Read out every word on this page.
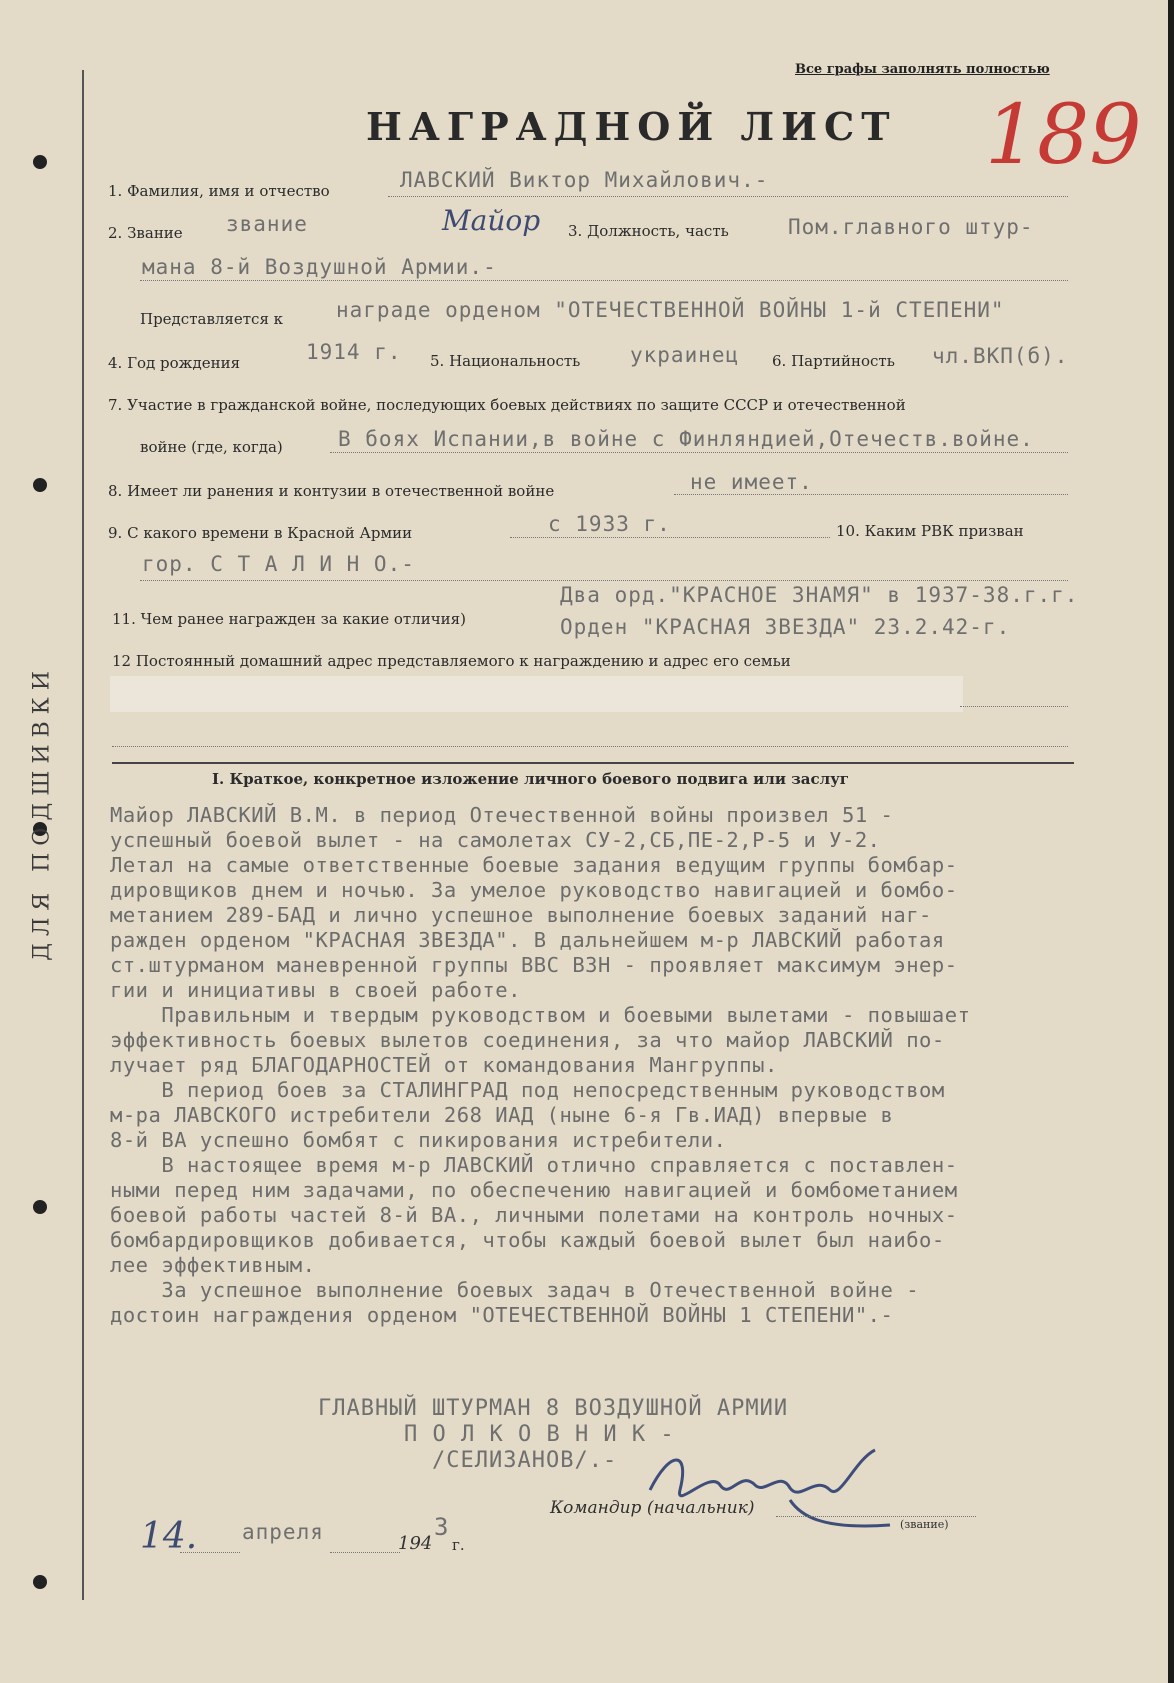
ДЛЯ ПОДШИВКИ
Все графы заполнять полностью
189
НАГРАДНОЙ ЛИСТ
1. Фамилия, имя и отчество	ЛАВСКИЙ Виктор Михайлович.-
2. Звание звание	Майор 3. Должность, часть	Пом.главного штур-
мана 8-й Воздушной Армии.-
Представляется к	награде орденом "ОТЕЧЕСТВЕННОЙ ВОЙНЫ 1-й СТЕПЕНИ"
4. Год рождения	1914 г. 5. Национальность украинец 6. Партийность чл.ВКП(б).
7. Участие в гражданской войне, последующих боевых действиях по защите СССР и отечественной
войне (где, когда)	В боях Испании,в войне с Финляндией,Отечеств.войне.
8. Имеет ли ранения и контузии в отечественной войне	не имеет.
9. С какого времени в Красной Армии	с 1933 г.	10. Каким РВК призван
гор. С Т А Л И Н О.-
Два орд."КРАСНОЕ ЗНАМЯ" в 1937-38.г.г.
11. Чем ранее награжден за какие отличия)	Орден "КРАСНАЯ ЗВЕЗДА" 23.2.42-г.
12 Постоянный домашний адрес представляемого к награждению и адрес его семьи
I. Краткое, конкретное изложение личного боевого подвига или заслуг
Майор ЛАВСКИЙ В.М. в период Отечественной войны произвел 51 -
успешный боевой вылет - на самолетах СУ-2,СБ,ПЕ-2,Р-5 и У-2.
Летал на самые ответственные боевые задания ведущим группы бомбар-
дировщиков днем и ночью. За умелое руководство навигацией и бомбо-
метанием 289-БАД и лично успешное выполнение боевых заданий наг-
ражден орденом "КРАСНАЯ ЗВЕЗДА". В дальнейшем м-р ЛАВСКИЙ работая
ст.штурманом маневренной группы ВВС ВЗН - проявляет максимум энер-
гии и инициативы в своей работе.
Правильным и твердым руководством и боевыми вылетами - повышает
эффективность боевых вылетов соединения, за что майор ЛАВСКИЙ по-
лучает ряд БЛАГОДАРНОСТЕЙ от командования Мангруппы.
В период боев за СТАЛИНГРАД под непосредственным руководством
м-ра ЛАВСКОГО истребители 268 ИАД (ныне 6-я Гв.ИАД) впервые в
8-й ВА успешно бомбят с пикирования истребители.
В настоящее время м-р ЛАВСКИЙ отлично справляется с поставлен-
ными перед ним задачами, по обеспечению навигацией и бомбометанием
боевой работы частей 8-й ВА., личными полетами на контроль ночных-
бомбардировщиков добивается, чтобы каждый боевой вылет был наибо-
лее эффективным.
За успешное выполнение боевых задач в Отечественной войне -
достоин награждения орденом "ОТЕЧЕСТВЕННОЙ ВОЙНЫ 1 СТЕПЕНИ".-
ГЛАВНЫЙ ШТУРМАН 8 ВОЗДУШНОЙ АРМИИ
П О Л К О В Н И К -
/СЕЛИЗАНОВ/.-
Командир (начальник)
(звание)
14. апреля	194
3
г.
